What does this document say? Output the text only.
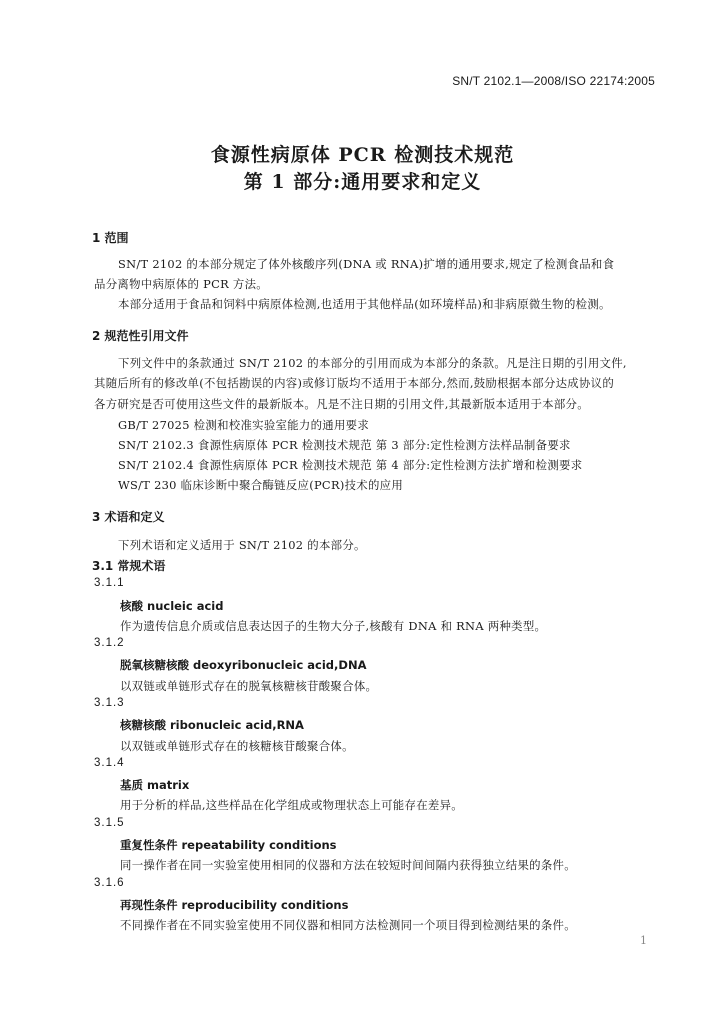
SN/T 2102.1—2008/ISO 22174:2005
食源性病原体 PCR 检测技术规范
第 1 部分:通用要求和定义
1 范围
SN/T 2102 的本部分规定了体外核酸序列(DNA 或 RNA)扩增的通用要求,规定了检测食品和食
品分离物中病原体的 PCR 方法。
本部分适用于食品和饲料中病原体检测,也适用于其他样品(如环境样品)和非病原微生物的检测。
2 规范性引用文件
下列文件中的条款通过 SN/T 2102 的本部分的引用而成为本部分的条款。凡是注日期的引用文件,
其随后所有的修改单(不包括勘误的内容)或修订版均不适用于本部分,然而,鼓励根据本部分达成协议的
各方研究是否可使用这些文件的最新版本。凡是不注日期的引用文件,其最新版本适用于本部分。
GB/T 27025 检测和校准实验室能力的通用要求
SN/T 2102.3 食源性病原体 PCR 检测技术规范 第 3 部分:定性检测方法样品制备要求
SN/T 2102.4 食源性病原体 PCR 检测技术规范 第 4 部分:定性检测方法扩增和检测要求
WS/T 230 临床诊断中聚合酶链反应(PCR)技术的应用
3 术语和定义
下列术语和定义适用于 SN/T 2102 的本部分。
3.1 常规术语
3.1.1
核酸 nucleic acid
作为遗传信息介质或信息表达因子的生物大分子,核酸有 DNA 和 RNA 两种类型。
3.1.2
脱氧核糖核酸 deoxyribonucleic acid,DNA
以双链或单链形式存在的脱氧核糖核苷酸聚合体。
3.1.3
核糖核酸 ribonucleic acid,RNA
以双链或单链形式存在的核糖核苷酸聚合体。
3.1.4
基质 matrix
用于分析的样品,这些样品在化学组成或物理状态上可能存在差异。
3.1.5
重复性条件 repeatability conditions
同一操作者在同一实验室使用相同的仪器和方法在较短时间间隔内获得独立结果的条件。
3.1.6
再现性条件 reproducibility conditions
不同操作者在不同实验室使用不同仪器和相同方法检测同一个项目得到检测结果的条件。
1
